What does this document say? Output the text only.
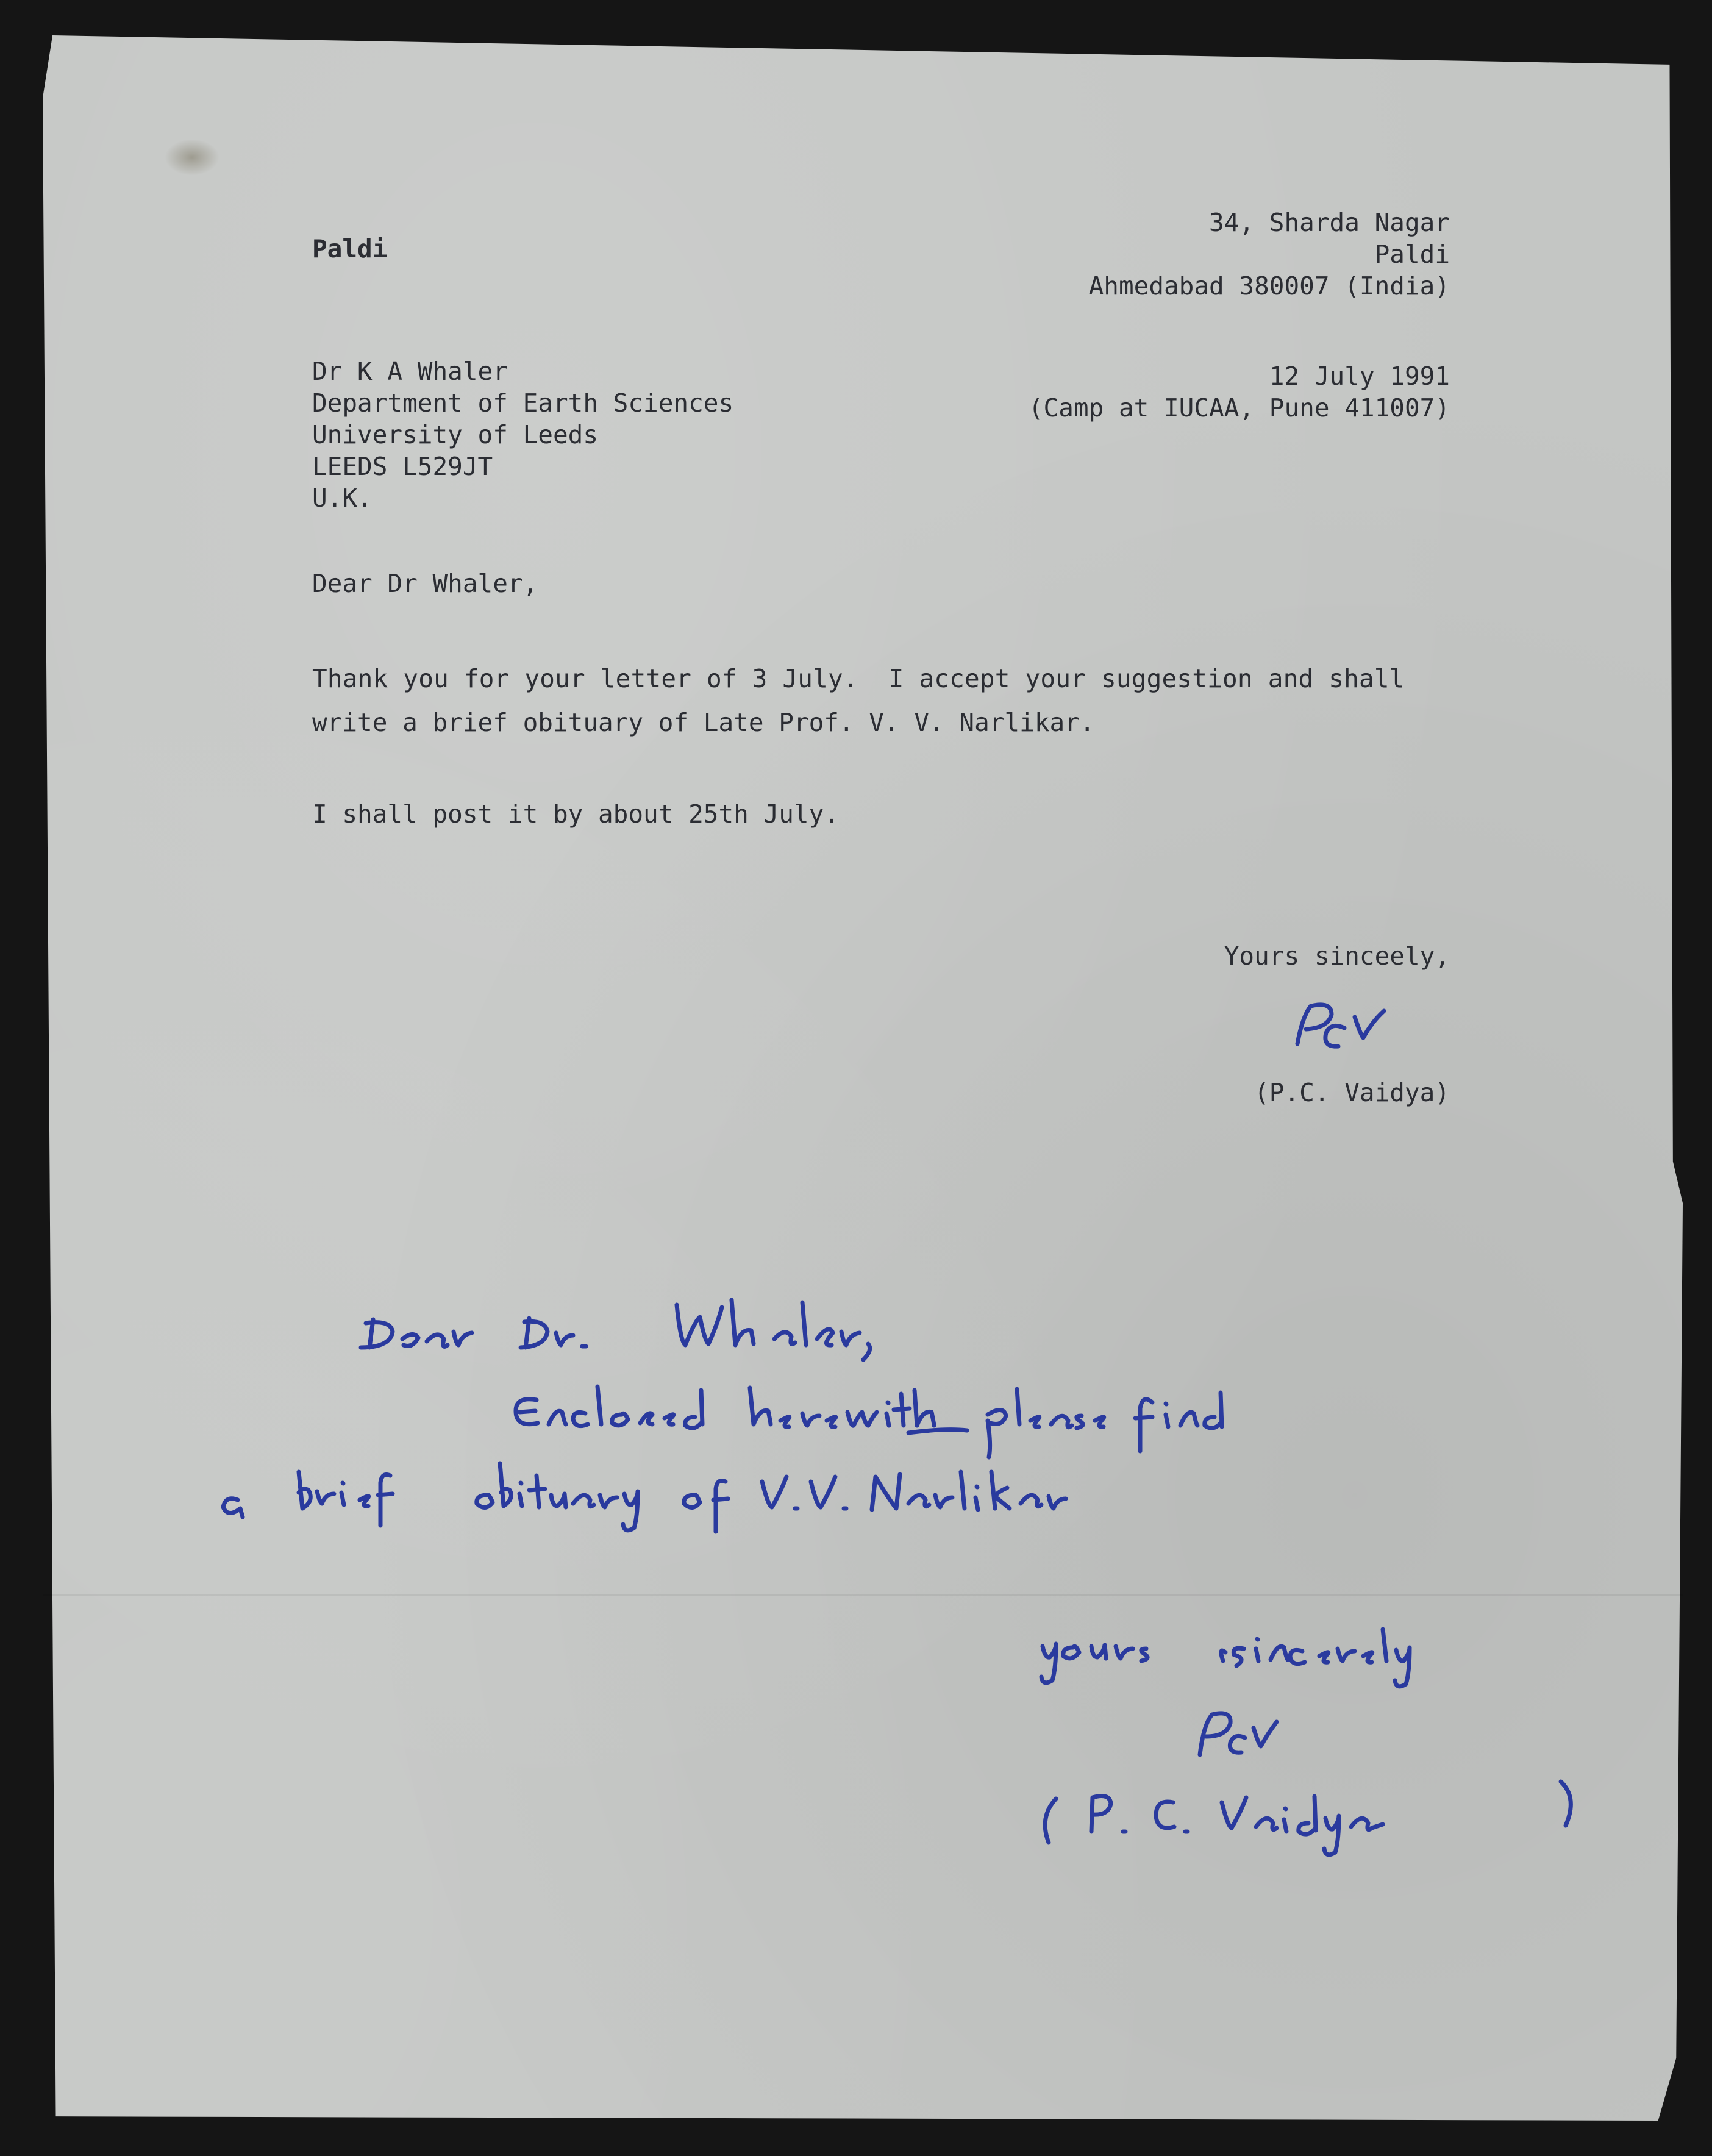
Paldi

34, Sharda Nagar

Paldi

Ahmedabad 380007 (India)

Dr K A Whaler

Department of Earth Sciences

University of Leeds

LEEDS L529JT

U.K.

12 July 1991

(Camp at IUCAA, Pune 411007)

Dear Dr Whaler,

Thank you for your letter of 3 July.  I accept your suggestion and shall

write a brief obituary of Late Prof. V. V. Narlikar.

I shall post it by about 25th July.

Yours sinceely,

(P.C. Vaidya)
